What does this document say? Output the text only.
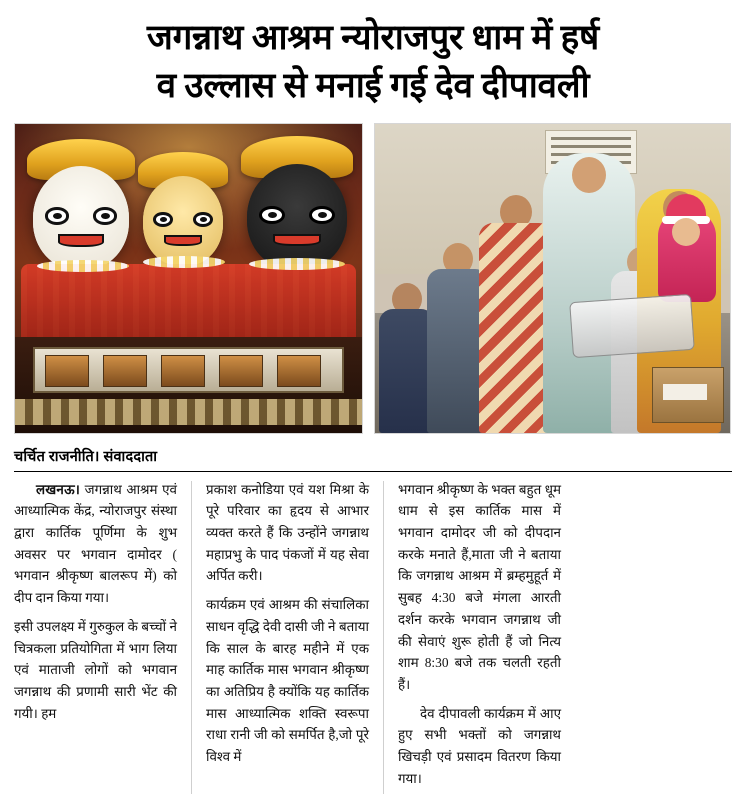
जगन्नाथ आश्रम न्योराजपुर धाम में हर्ष
व उल्लास से मनाई गई देव दीपावली
चर्चित राजनीति। संवाददाता

लखनऊ। जगन्नाथ आश्रम एवं आध्यात्मिक केंद्र, न्योराजपुर संस्था द्वारा कार्तिक पूर्णिमा के शुभ अवसर पर भगवान दामोदर ( भगवान श्रीकृष्ण बालरूप में) को दीप दान किया गया।

इसी उपलक्ष्य में गुरुकुल के बच्चों ने चित्रकला प्रतियोगिता में भाग लिया एवं माताजी लोगों को भगवान जगन्नाथ की प्रणामी सारी भेंट की गयी। हम

प्रकाश कनोडिया एवं यश मिश्रा के पूरे परिवार का हृदय से आभार व्यक्त करते हैं कि उन्होंने जगन्नाथ महाप्रभु के पाद पंकजों में यह सेवा अर्पित करी।

कार्यक्रम एवं आश्रम की संचालिका साधन वृद्धि देवी दासी जी ने बताया कि साल के बारह महीने में एक माह कार्तिक मास भगवान श्रीकृष्ण का अतिप्रिय है क्योंकि यह कार्तिक मास आध्यात्मिक शक्ति स्वरूपा राधा रानी जी को समर्पित है,जो पूरे विश्व में

भगवान श्रीकृष्ण के भक्त बहुत धूम धाम से इस कार्तिक मास में भगवान दामोदर जी को दीपदान करके मनाते हैं,माता जी ने बताया कि जगन्नाथ आश्रम में ब्रम्हमुहूर्त में सुबह 4:30 बजे मंगला आरती दर्शन करके भगवान जगन्नाथ जी की सेवाएं शुरू होती हैं जो नित्य शाम 8:30 बजे तक चलती रहती हैं।

देव दीपावली कार्यक्रम में आए हुए सभी भक्तों को जगन्नाथ खिचड़ी एवं प्रसादम वितरण किया गया।
